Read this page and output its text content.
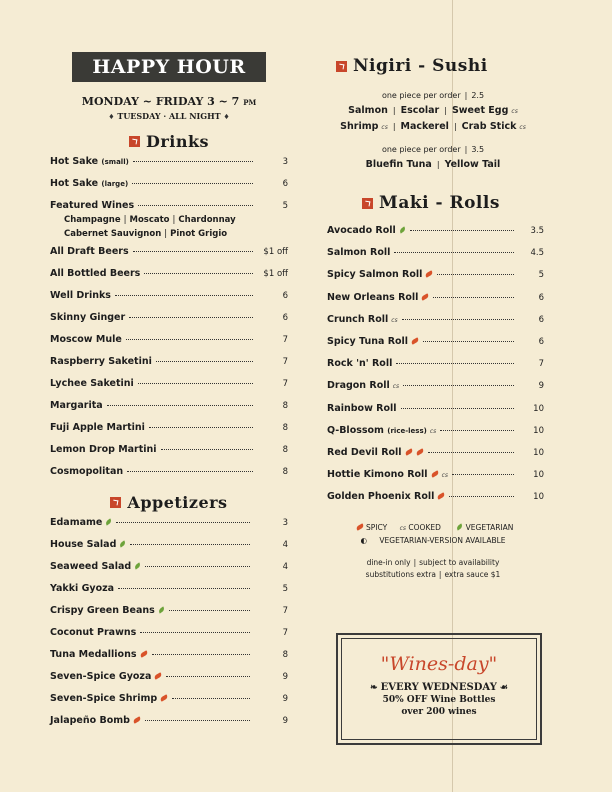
HAPPY HOUR
MONDAY ~ FRIDAY 3 ~ 7 PM
♦ TUESDAY · ALL NIGHT ♦
Drinks
Hot Sake (small)	3
Hot Sake (large)	6
Featured Wines	5
Champagne | Moscato | Chardonnay
Cabernet Sauvignon | Pinot Grigio
All Draft Beers	$1 off
All Bottled Beers	$1 off
Well Drinks	6
Skinny Ginger	6
Moscow Mule	7
Raspberry Saketini	7
Lychee Saketini	7
Margarita	8
Fuji Apple Martini	8
Lemon Drop Martini	8
Cosmopolitan	8
Appetizers
Edamame	3
House Salad	4
Seaweed Salad	4
Yakki Gyoza	5
Crispy Green Beans	7
Coconut Prawns	7
Tuna Medallions	8
Seven-Spice Gyoza	9
Seven-Spice Shrimp	9
Jalapeño Bomb	9
Nigiri - Sushi
one piece per order | 2.5
Salmon | Escolar | Sweet Egg cs
Shrimp cs | Mackerel | Crab Stick cs
one piece per order | 3.5
Bluefin Tuna | Yellow Tail
Maki - Rolls
Avocado Roll	3.5
Salmon Roll	4.5
Spicy Salmon Roll	5
New Orleans Roll	6
Crunch Roll cs	6
Spicy Tuna Roll	6
Rock 'n' Roll	7
Dragon Roll cs	9
Rainbow Roll	10
Q-Blossom (rice-less) cs	10
Red Devil Roll	10
Hottie Kimono Roll cs	10
Golden Phoenix Roll	10
SPICY cs COOKED	VEGETARIAN
◐ VEGETARIAN-VERSION AVAILABLE
dine-in only | subject to availability
substitutions extra | extra sauce $1
"Wines-day"
❧ EVERY WEDNESDAY ☙
50% OFF Wine Bottles
over 200 wines
